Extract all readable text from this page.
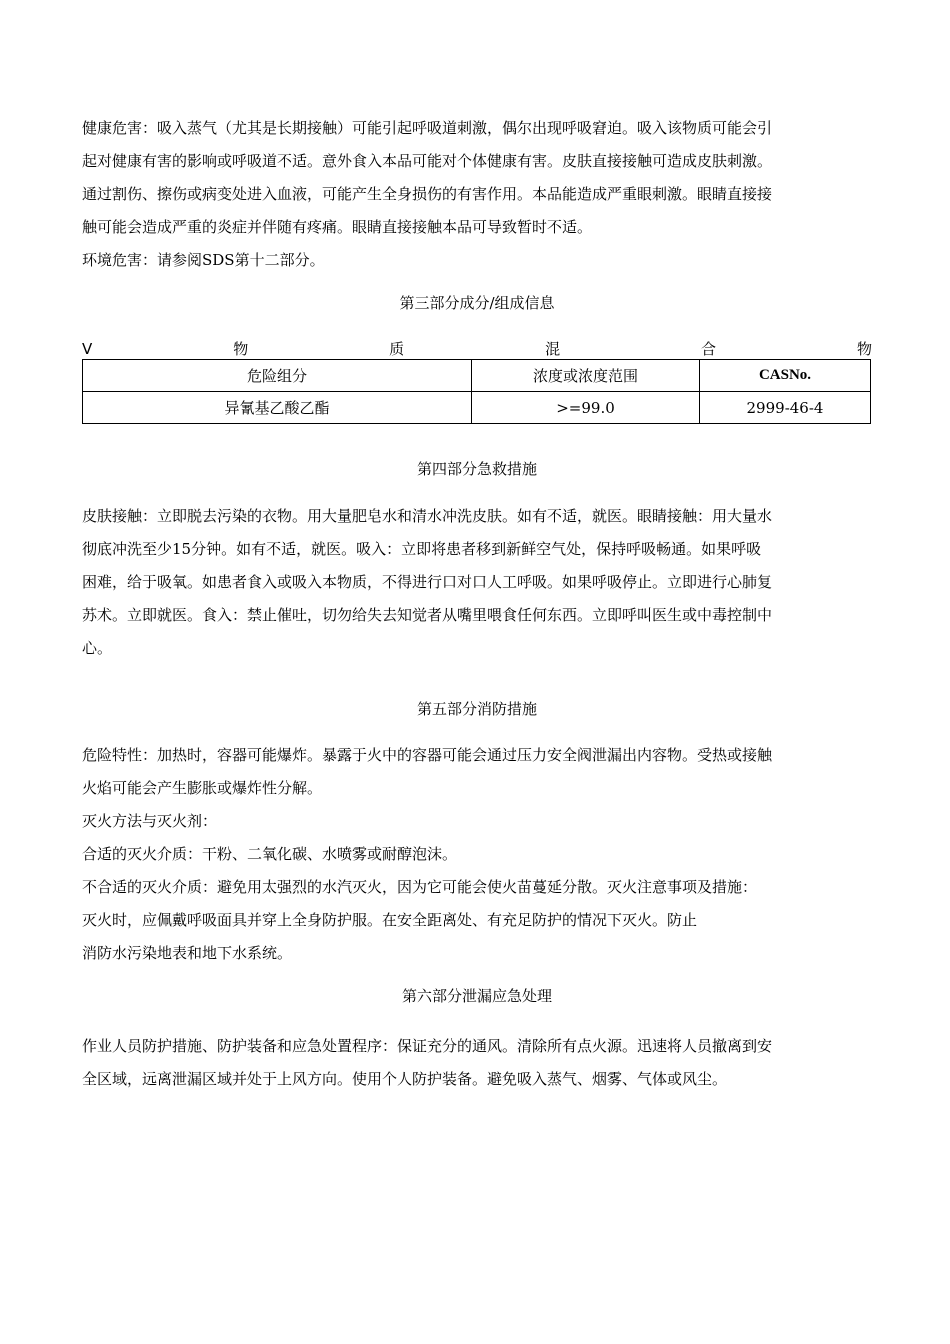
健康危害：吸入蒸气（尤其是长期接触）可能引起呼吸道刺激，偶尔出现呼吸窘迫。吸入该物质可能会引

起对健康有害的影响或呼吸道不适。意外食入本品可能对个体健康有害。皮肤直接接触可造成皮肤刺激。

通过割伤、擦伤或病变处进入血液，可能产生全身损伤的有害作用。本品能造成严重眼刺激。眼睛直接接

触可能会造成严重的炎症并伴随有疼痛。眼睛直接接触本品可导致暂时不适。

环境危害：请参阅SDS第十二部分。

第三部分成分/组成信息

V	物	质	混	合	物
危险组分	浓度或浓度范围	CASNo.
异氰基乙酸乙酯	>=99.0	2999-46-4

第四部分急救措施

皮肤接触：立即脱去污染的衣物。用大量肥皂水和清水冲洗皮肤。如有不适，就医。眼睛接触：用大量水

彻底冲洗至少15分钟。如有不适，就医。吸入：立即将患者移到新鲜空气处，保持呼吸畅通。如果呼吸

困难，给于吸氧。如患者食入或吸入本物质，不得进行口对口人工呼吸。如果呼吸停止。立即进行心肺复

苏术。立即就医。食入：禁止催吐，切勿给失去知觉者从嘴里喂食任何东西。立即呼叫医生或中毒控制中

心。

第五部分消防措施

危险特性：加热时，容器可能爆炸。暴露于火中的容器可能会通过压力安全阀泄漏出内容物。受热或接触

火焰可能会产生膨胀或爆炸性分解。

灭火方法与灭火剂：

合适的灭火介质：干粉、二氧化碳、水喷雾或耐醇泡沫。

不合适的灭火介质：避免用太强烈的水汽灭火，因为它可能会使火苗蔓延分散。灭火注意事项及措施：

灭火时，应佩戴呼吸面具并穿上全身防护服。在安全距离处、有充足防护的情况下灭火。防止

消防水污染地表和地下水系统。

第六部分泄漏应急处理

作业人员防护措施、防护装备和应急处置程序：保证充分的通风。清除所有点火源。迅速将人员撤离到安

全区域，远离泄漏区域并处于上风方向。使用个人防护装备。避免吸入蒸气、烟雾、气体或风尘。
